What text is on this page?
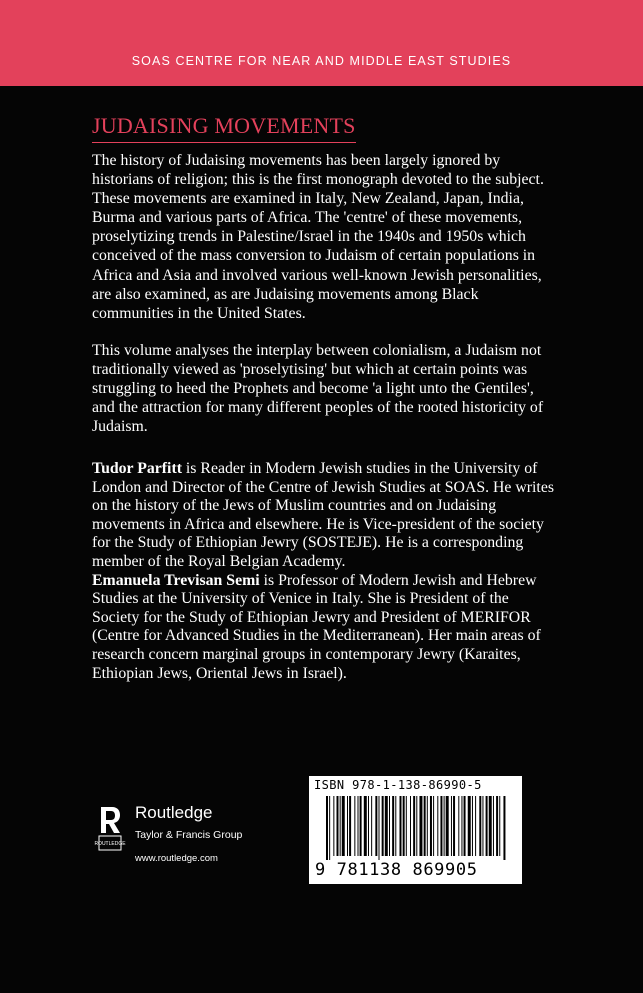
SOAS CENTRE FOR NEAR AND MIDDLE EAST STUDIES
JUDAISING MOVEMENTS

The history of Judaising movements has been largely ignored by historians of religion; this is the first monograph devoted to the subject. These movements are examined in Italy, New Zealand, Japan, India, Burma and various parts of Africa. The 'centre' of these movements, proselytizing trends in Palestine/Israel in the 1940s and 1950s which conceived of the mass conversion to Judaism of certain populations in Africa and Asia and involved various well-known Jewish personalities, are also examined, as are Judaising movements among Black communities in the United States.

This volume analyses the interplay between colonialism, a Judaism not traditionally viewed as 'proselytising' but which at certain points was struggling to heed the Prophets and become 'a light unto the Gentiles', and the attraction for many different peoples of the rooted historicity of Judaism.

Tudor Parfitt is Reader in Modern Jewish studies in the University of London and Director of the Centre of Jewish Studies at SOAS. He writes on the history of the Jews of Muslim countries and on Judaising movements in Africa and elsewhere. He is Vice-president of the society for the Study of Ethiopian Jewry (SOSTEJE). He is a corresponding member of the Royal Belgian Academy.
Emanuela Trevisan Semi is Professor of Modern Jewish and Hebrew Studies at the University of Venice in Italy. She is President of the Society for the Study of Ethiopian Jewry and President of MERIFOR (Centre for Advanced Studies in the Mediterranean). Her main areas of research concern marginal groups in contemporary Jewry (Karaites, Ethiopian Jews, Oriental Jews in Israel).
ROUTLEDGE
Routledge
Taylor & Francis Group
www.routledge.com
ISBN 978-1-138-86990-5
9 781138 869905
